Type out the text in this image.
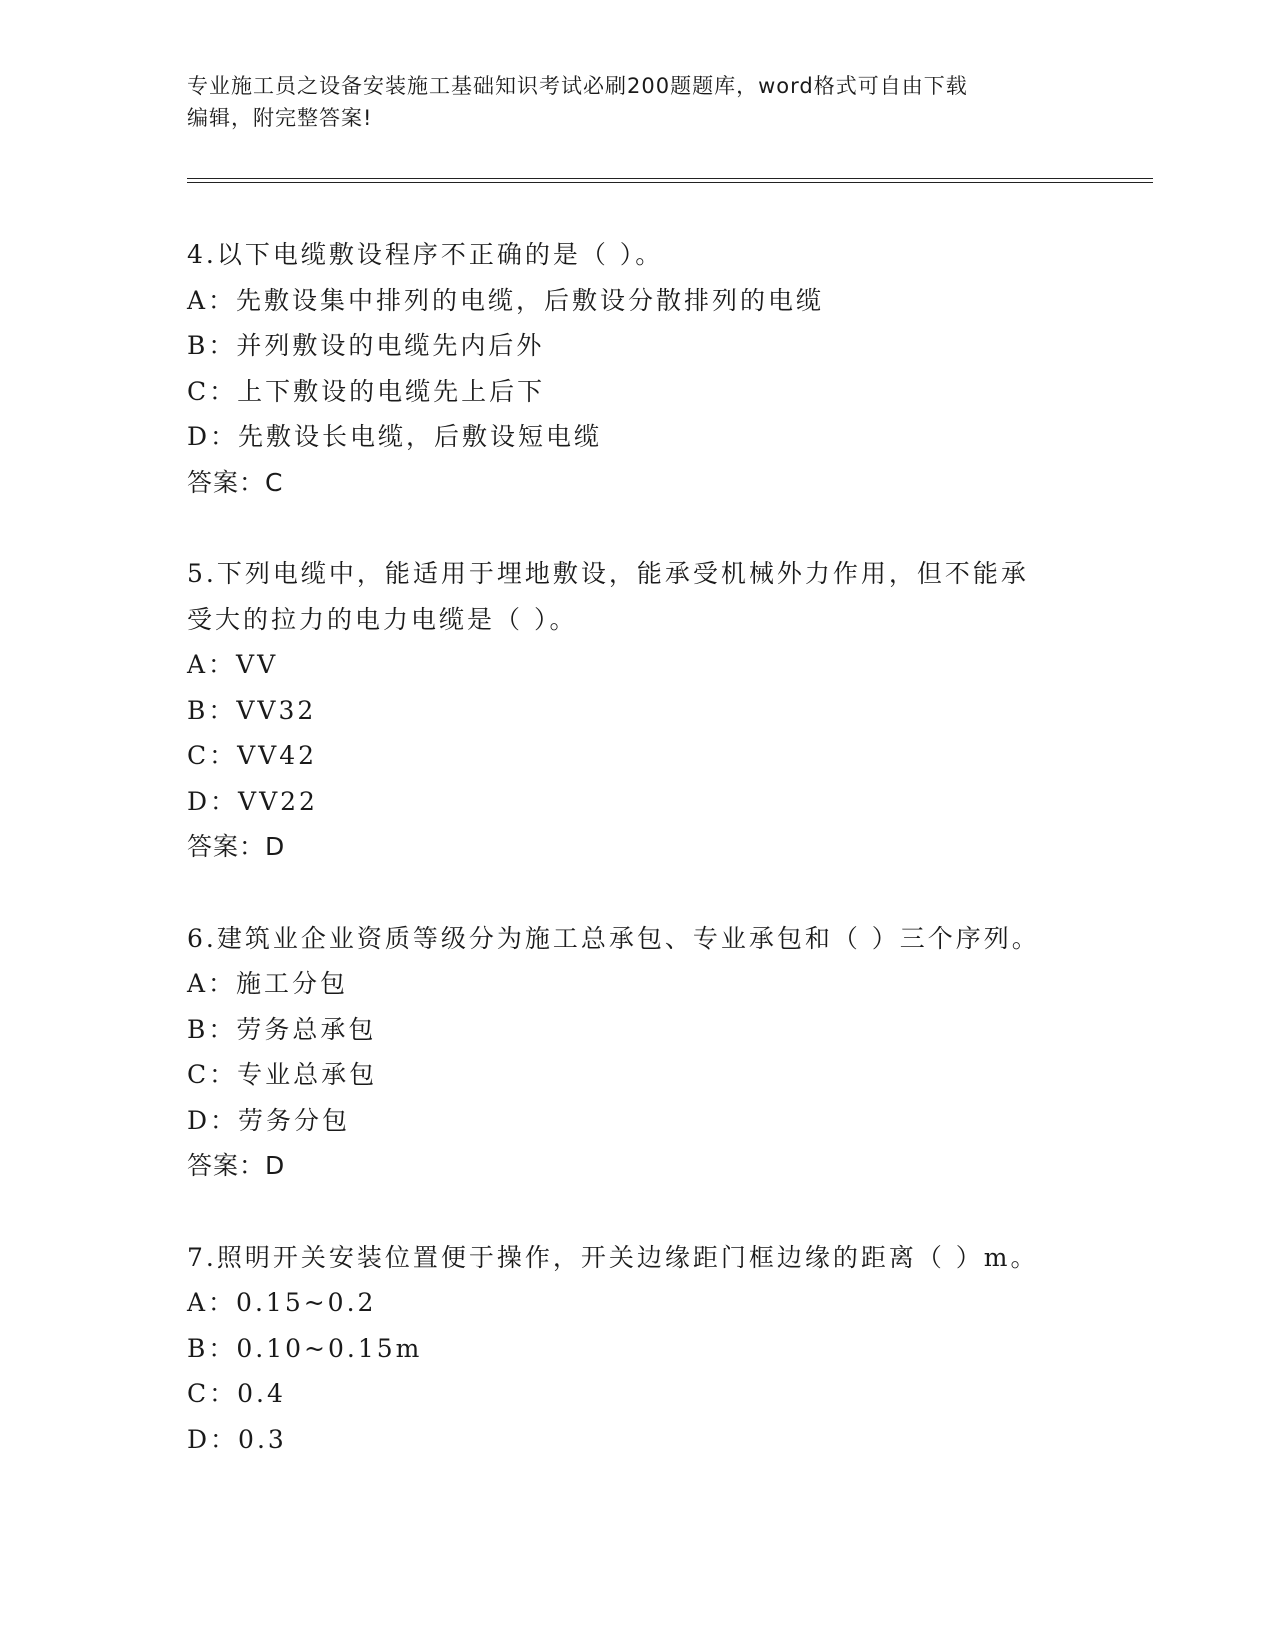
专业施工员之设备安装施工基础知识考试必刷200题题库，word格式可自由下载
编辑，附完整答案!

4.以下电缆敷设程序不正确的是（ ）。

A：先敷设集中排列的电缆，后敷设分散排列的电缆

B：并列敷设的电缆先内后外

C：上下敷设的电缆先上后下

D：先敷设长电缆，后敷设短电缆

答案：C

5.下列电缆中，能适用于埋地敷设，能承受机械外力作用，但不能承

受大的拉力的电力电缆是（ ）。

A：VV

B：VV32

C：VV42

D：VV22

答案：D

6.建筑业企业资质等级分为施工总承包、专业承包和（ ）三个序列。

A：施工分包

B：劳务总承包

C：专业总承包

D：劳务分包

答案：D

7.照明开关安装位置便于操作，开关边缘距门框边缘的距离（ ）m。

A：0.15~0.2

B：0.10~0.15m

C：0.4

D：0.3
